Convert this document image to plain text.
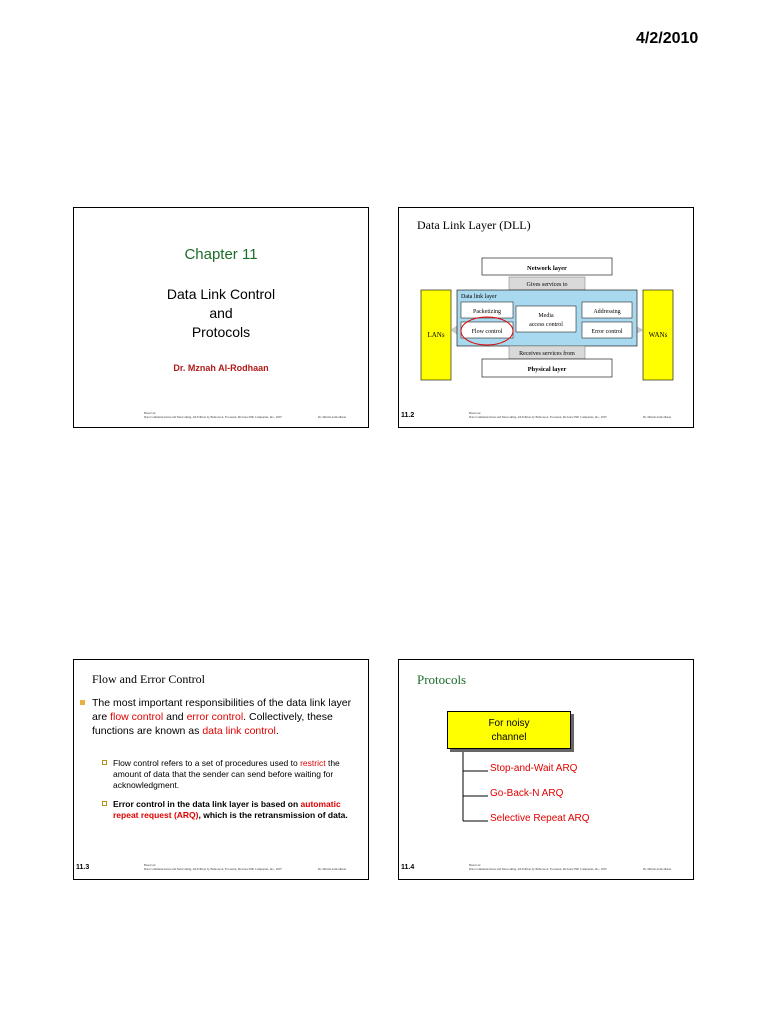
4/2/2010
Chapter 11
Data Link Control
and
Protocols
Dr. Mznah Al-Rodhaan
Based on:
Data Communications and Networking, 4th Edition by Behrouz A. Forouzan, McGraw-Hill Companies, Inc., 2007	Dr. Mznah Al-Rodhaan
Data Link Layer (DLL)
LANs	WANs
Network layer
Gives services to
Data link layer
Packetizing
Media
access control
Addressing
Flow control	Error control
Receives services from
Physical layer
11.2	Based on:
Data Communications and Networking, 4th Edition by Behrouz A. Forouzan, McGraw-Hill Companies, Inc., 2007	Dr. Mznah Al-Rodhaan
Flow and Error Control
The most important responsibilities of the data link layer are flow control and error control. Collectively, these functions are known as data link control.
Flow control refers to a set of procedures used to restrict the amount of data that the sender can send before waiting for acknowledgment.
Error control in the data link layer is based on automatic repeat request (ARQ), which is the retransmission of data.
11.3	Based on:
Data Communications and Networking, 4th Edition by Behrouz A. Forouzan, McGraw-Hill Companies, Inc., 2007	Dr. Mznah Al-Rodhaan
Protocols
For noisy
channel
Stop-and-Wait ARQ
Go-Back-N ARQ
Selective Repeat ARQ
11.4	Based on:
Data Communications and Networking, 4th Edition by Behrouz A. Forouzan, McGraw-Hill Companies, Inc., 2007	Dr. Mznah Al-Rodhaan
